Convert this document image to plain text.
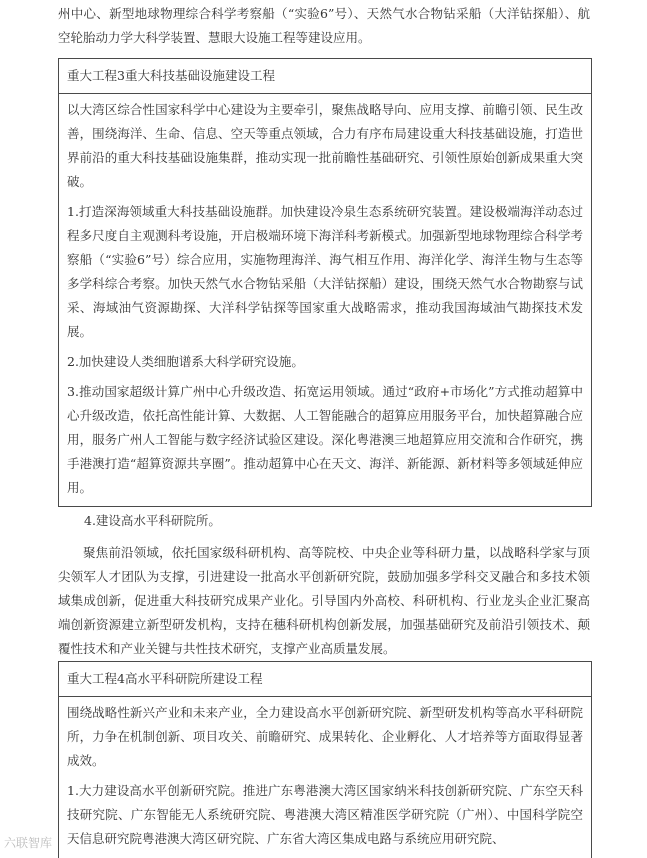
州中心、新型地球物理综合科学考察船（“实验6”号）、天然气水合物钻采船（大洋钻探船）、航空轮胎动力学大科学装置、慧眼大设施工程等建设应用。

重大工程3重大科技基础设施建设工程

以大湾区综合性国家科学中心建设为主要牵引，聚焦战略导向、应用支撑、前瞻引领、民生改善，围绕海洋、生命、信息、空天等重点领域，合力有序布局建设重大科技基础设施，打造世界前沿的重大科技基础设施集群，推动实现一批前瞻性基础研究、引领性原始创新成果重大突破。

1.打造深海领域重大科技基础设施群。加快建设冷泉生态系统研究装置。建设极端海洋动态过程多尺度自主观测科考设施，开启极端环境下海洋科考新模式。加强新型地球物理综合科学考察船（“实验6”号）综合应用，实施物理海洋、海气相互作用、海洋化学、海洋生物与生态等多学科综合考察。加快天然气水合物钻采船（大洋钻探船）建设，围绕天然气水合物勘察与试采、海域油气资源勘探、大洋科学钻探等国家重大战略需求，推动我国海域油气勘探技术发展。

2.加快建设人类细胞谱系大科学研究设施。

3.推动国家超级计算广州中心升级改造、拓宽运用领域。通过“政府+市场化”方式推动超算中心升级改造，依托高性能计算、大数据、人工智能融合的超算应用服务平台，加快超算融合应用，服务广州人工智能与数字经济试验区建设。深化粤港澳三地超算应用交流和合作研究，携手港澳打造“超算资源共享圈”。推动超算中心在天文、海洋、新能源、新材料等多领域延伸应用。

4.建设高水平科研院所。

聚焦前沿领域，依托国家级科研机构、高等院校、中央企业等科研力量，以战略科学家与顶尖领军人才团队为支撑，引进建设一批高水平创新研究院，鼓励加强多学科交叉融合和多技术领域集成创新，促进重大科技研究成果产业化。引导国内外高校、科研机构、行业龙头企业汇聚高端创新资源建立新型研发机构，支持在穗科研机构创新发展，加强基础研究及前沿引领技术、颠覆性技术和产业关键与共性技术研究，支撑产业高质量发展。

重大工程4高水平科研院所建设工程

围绕战略性新兴产业和未来产业，全力建设高水平创新研究院、新型研发机构等高水平科研院所，力争在机制创新、项目攻关、前瞻研究、成果转化、企业孵化、人才培养等方面取得显著成效。

1.大力建设高水平创新研究院。推进广东粤港澳大湾区国家纳米科技创新研究院、广东空天科技研究院、广东智能无人系统研究院、粤港澳大湾区精准医学研究院（广州）、中国科学院空天信息研究院粤港澳大湾区研究院、广东省大湾区集成电路与系统应用研究院、

六联智库
